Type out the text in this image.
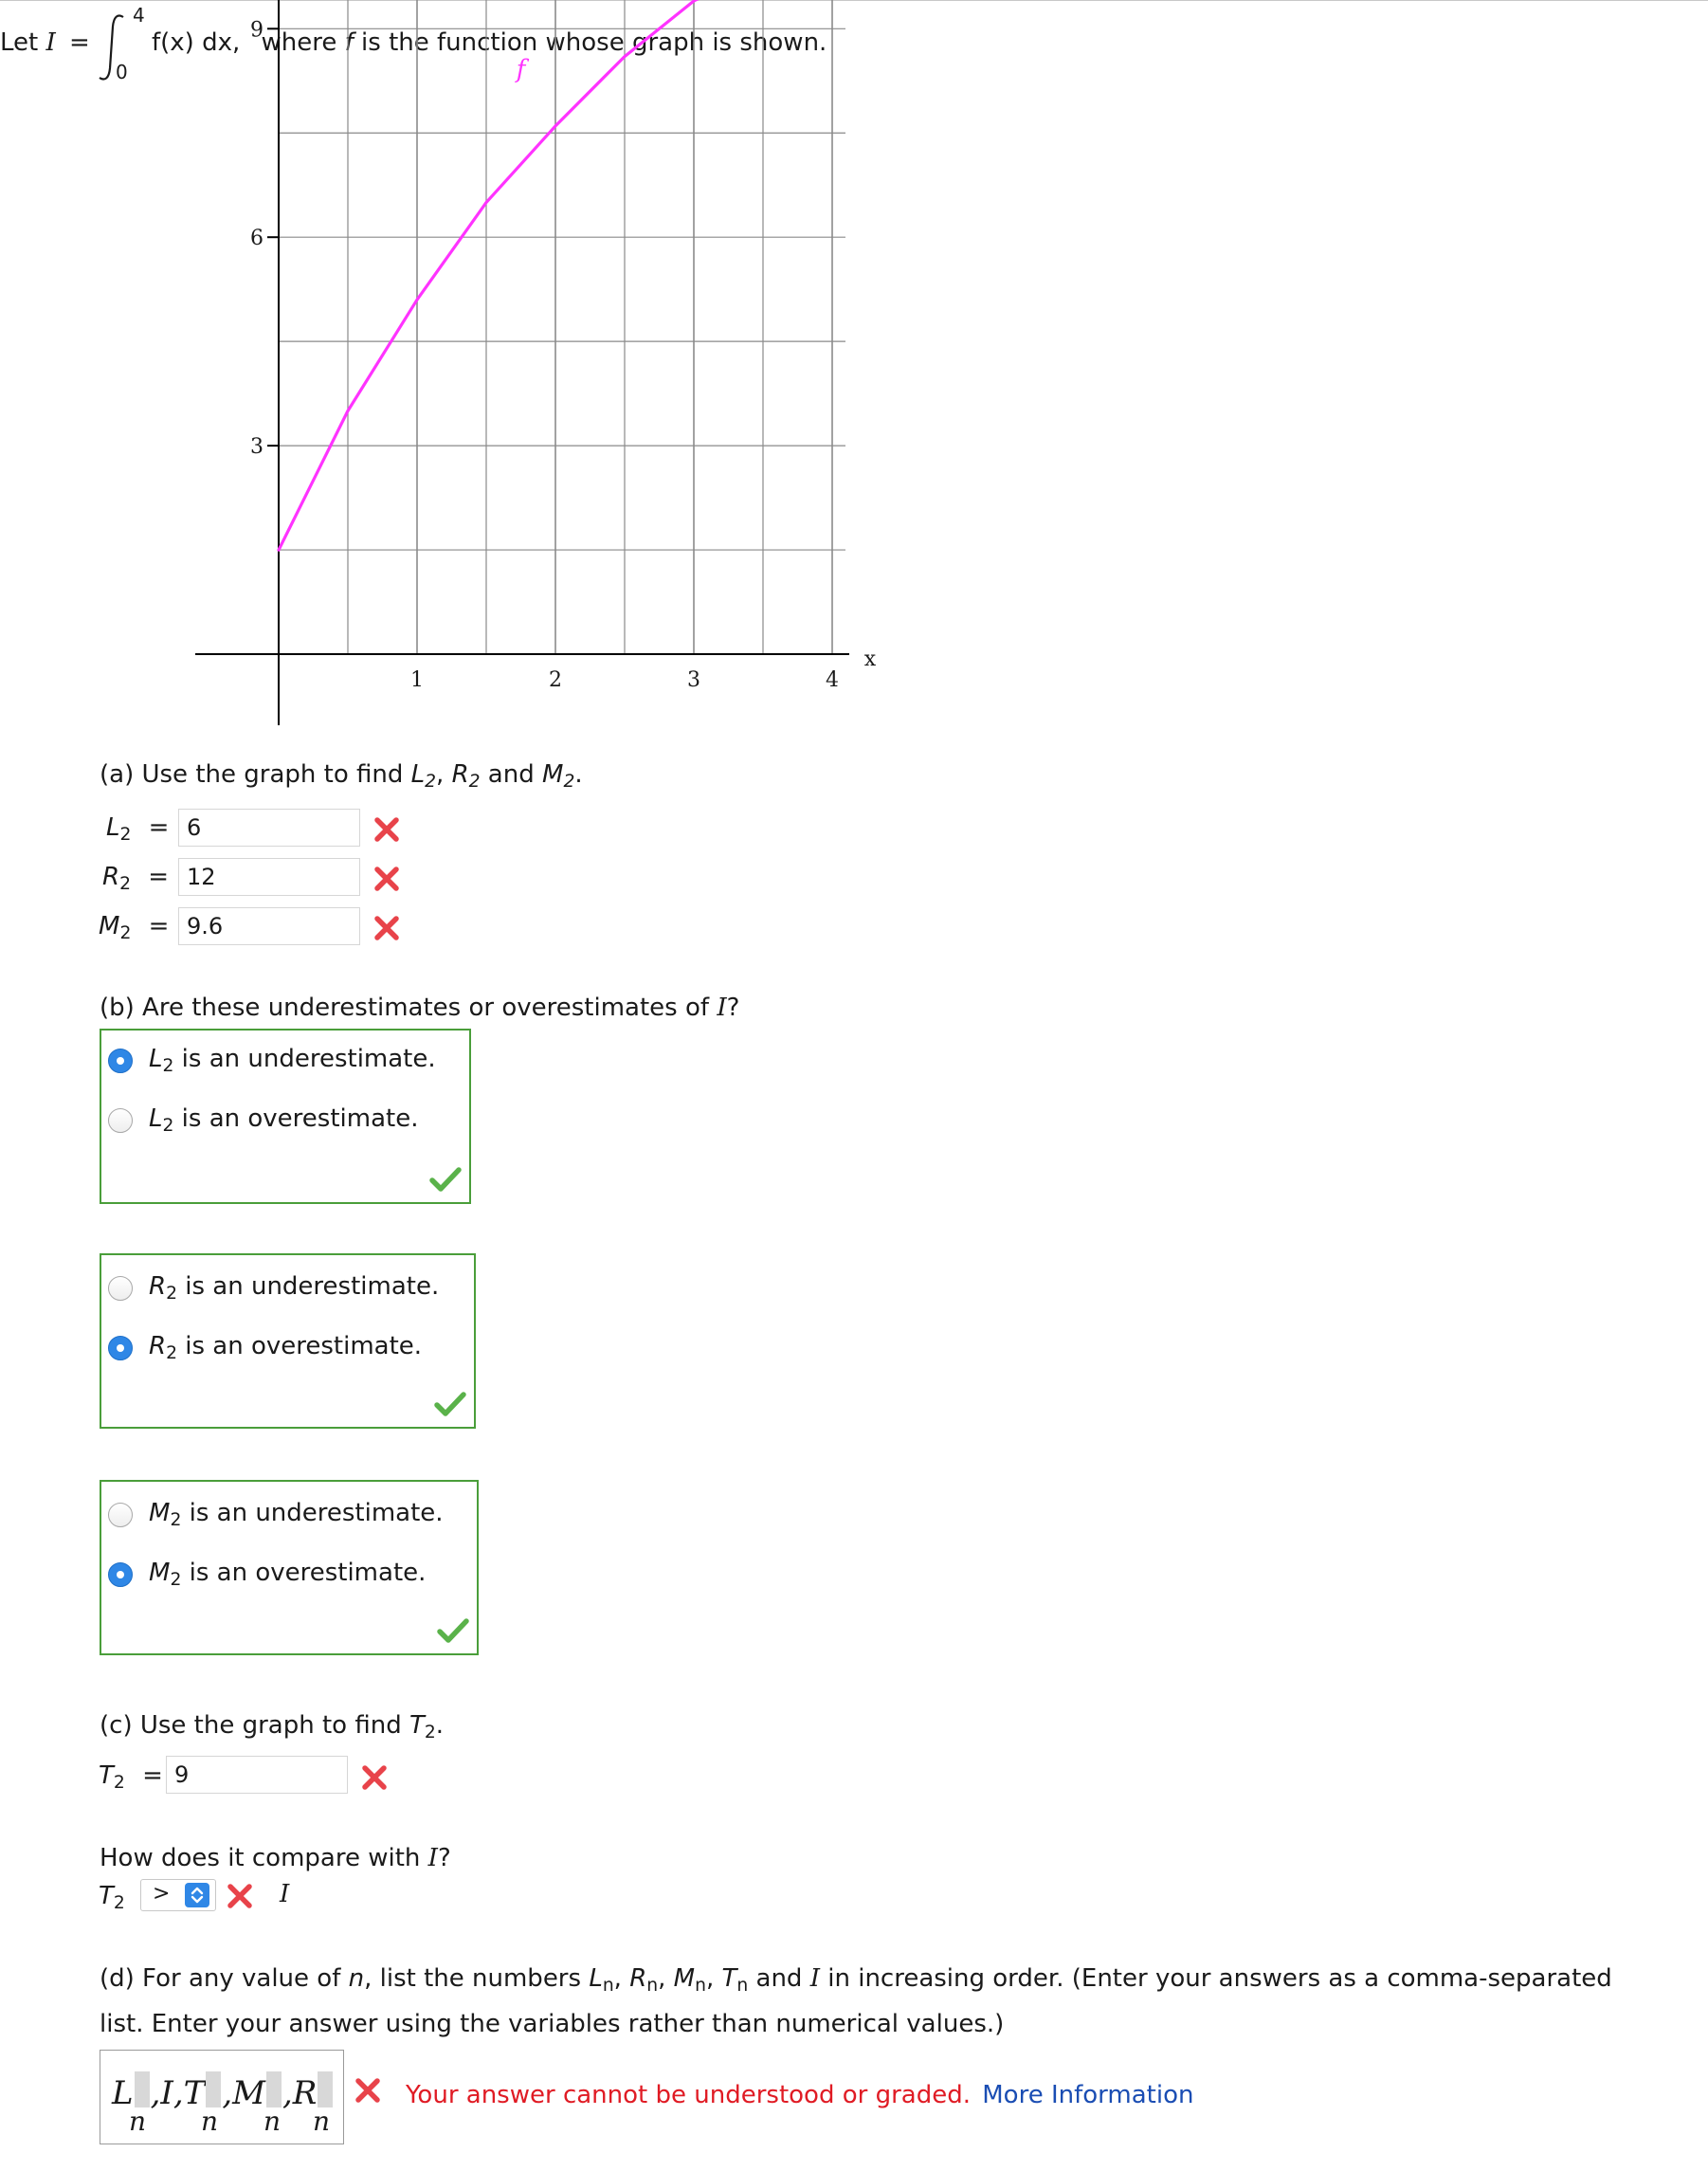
Let I =
4
0
f(x) dx, where f is the function whose graph is shown.
3
6
9
1	2	3	4
x
f
(a) Use the graph to find $L_2$, $R_2$ and $M_2$.
$L_2$ =
6
$R_2$ =
12
$M_2$ =
9.6
(b) Are these underestimates or overestimates of I?
$L_2$ is an underestimate.
$L_2$ is an overestimate.
$R_2$ is an underestimate.
$R_2$ is an overestimate.
$M_2$ is an underestimate.
$M_2$ is an overestimate.
(c) Use the graph to find $T_2$.
$T_2$ =
9
How does it compare with I?
$T_2$ >	I
(d) For any value of n, list the numbers $L_n$, $R_n$, $M_n$, $T_n$ and I in increasing order. (Enter your answers as a comma-separated
list. Enter your answer using the variables rather than numerical values.)
L ,I,T ,M ,R
n n n n
Your answer cannot be understood or graded. More Information
